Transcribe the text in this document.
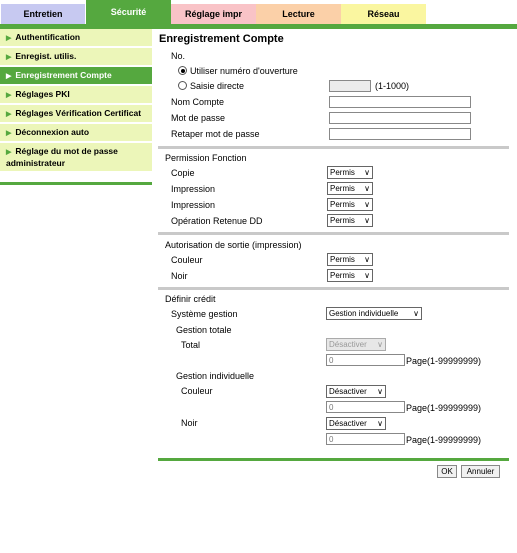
Entretien	Sécurité	Réglage impr	Lecture	Réseau
▶ Authentification
▶ Enregist. utilis.
▶ Enregistrement Compte
▶ Réglages PKI
▶ Réglages Vérification Certificat
▶ Déconnexion auto
▶ Réglage du mot de passe administrateur
Enregistrement Compte
No.
Utiliser numéro d'ouverture
Saisie directe	(1-1000)
Nom Compte
Mot de passe
Retaper mot de passe
Permission Fonction
Copie	Permis ∨
Impression	Permis ∨
Impression	Permis ∨
Opération Retenue DD	Permis ∨
Autorisation de sortie (impression)
Couleur	Permis ∨
Noir	Permis ∨
Définir crédit
Système gestion	Gestion individuelle ∨
Gestion totale
Total	Désactiver ∨
0	Page(1-99999999)
Gestion individuelle
Couleur	Désactiver ∨
0	Page(1-99999999)
Noir	Désactiver ∨
0	Page(1-99999999)
OK	Annuler
